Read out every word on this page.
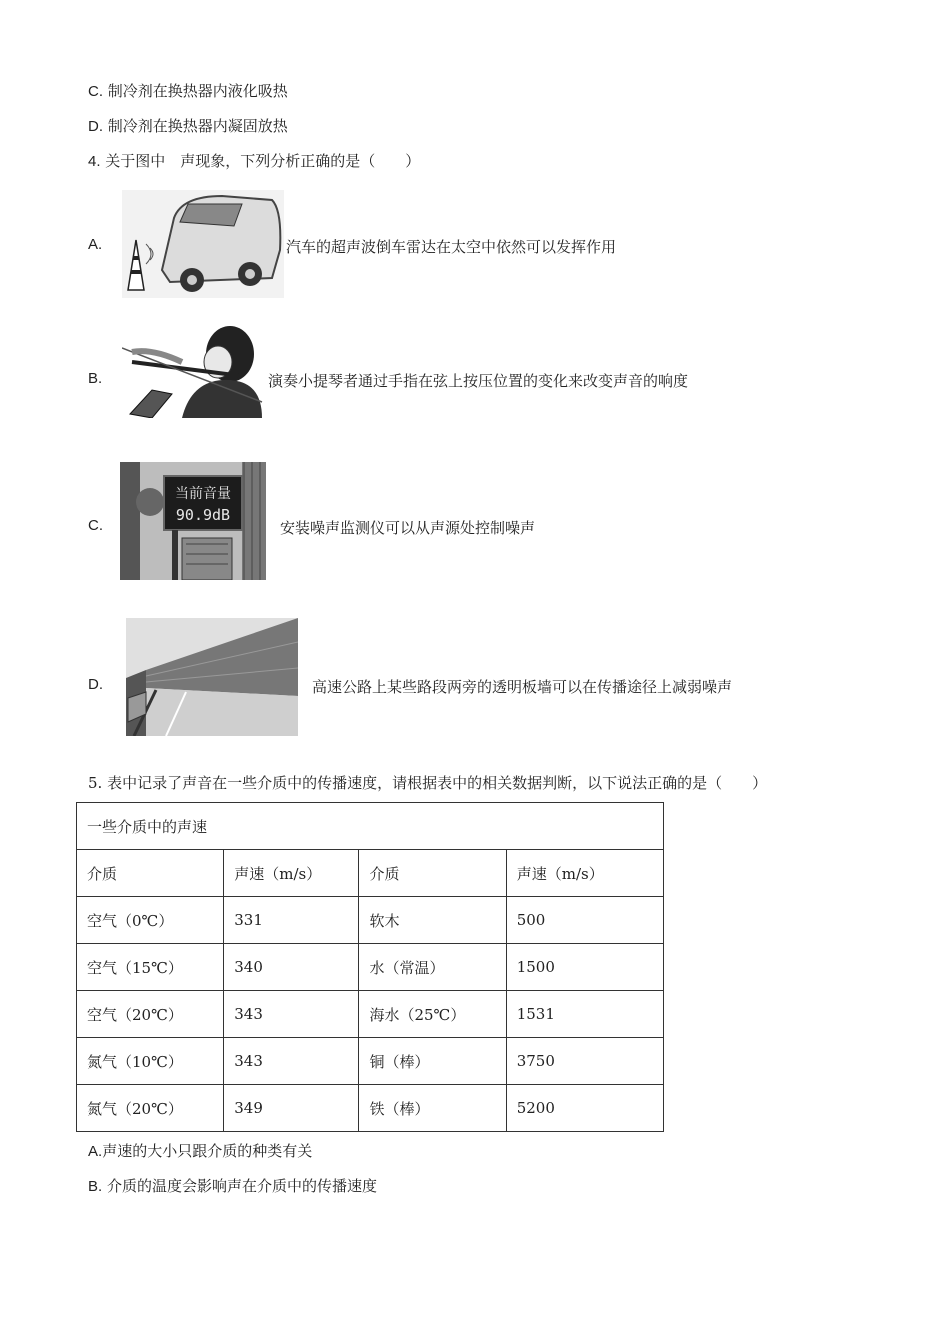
C. 制冷剂在换热器内液化吸热
D. 制冷剂在换热器内凝固放热
4. 关于图中　声现象，下列分析正确的是（　　）
A.	汽车的超声波倒车雷达在太空中依然可以发挥作用
B.	演奏小提琴者通过手指在弦上按压位置的变化来改变声音的响度
C.
当前音量
90.9dB
安装噪声监测仪可以从声源处控制噪声
D.	高速公路上某些路段两旁的透明板墙可以在传播途径上减弱噪声
5. 表中记录了声音在一些介质中的传播速度，请根据表中的相关数据判断，以下说法正确的是（　　）
一些介质中的声速			
介质	声速（m/s）	介质	声速（m/s）
空气（0℃）	331	软木	500
空气（15℃）	340	水（常温）	1500
空气（20℃）	343	海水（25℃）	1531
氮气（10℃）	343	铜（棒）	3750
氮气（20℃）	349	铁（棒）	5200
A.声速的大小只跟介质的种类有关
B. 介质的温度会影响声在介质中的传播速度
